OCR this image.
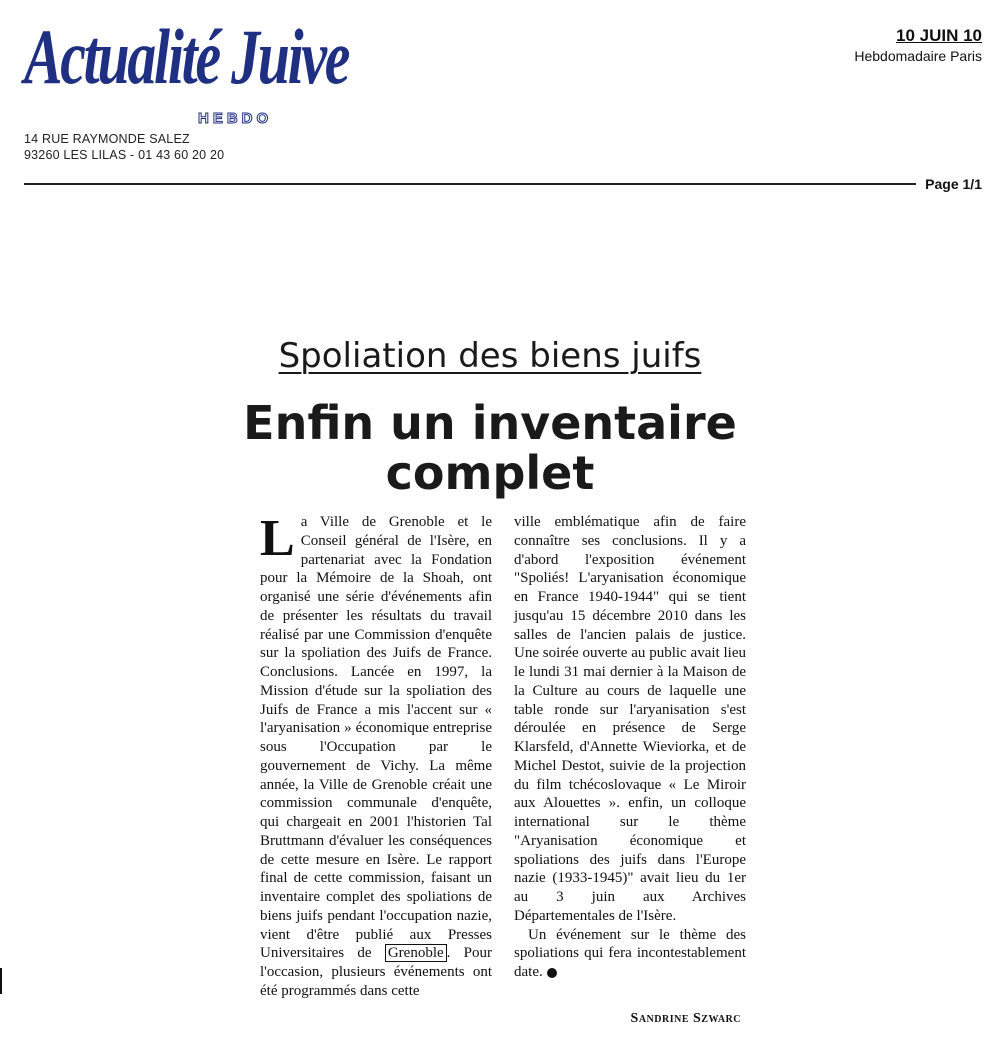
Actualité Juive
HEBDO
14 RUE RAYMONDE SALEZ
93260 LES LILAS - 01 43 60 20 20
10 JUIN 10
Hebdomadaire Paris
Page 1/1
Spoliation des biens juifs
Enfin un inventaire complet

La Ville de Grenoble et le Conseil général de l'Isère, en partenariat avec la Fondation pour la Mémoire de la Shoah, ont organisé une série d'événements afin de présenter les résultats du travail réalisé par une Commission d'enquête sur la spoliation des Juifs de France. Conclusions. Lancée en 1997, la Mission d'étude sur la spoliation des Juifs de France a mis l'accent sur « l'aryanisation » économique entreprise sous l'Occupation par le gouvernement de Vichy. La même année, la Ville de Grenoble créait une commission communale d'enquête, qui chargeait en 2001 l'historien Tal Bruttmann d'évaluer les conséquences de cette mesure en Isère. Le rapport final de cette commission, faisant un inventaire complet des spoliations de biens juifs pendant l'occupation nazie, vient d'être publié aux Presses Universitaires de Grenoble . Pour l'occasion, plusieurs événements ont été programmés dans cette

ville emblématique afin de faire connaître ses conclusions. Il y a d'abord l'exposition événement "Spoliés! L'aryanisation économique en France 1940-1944" qui se tient jusqu'au 15 décembre 2010 dans les salles de l'ancien palais de justice. Une soirée ouverte au public avait lieu le lundi 31 mai dernier à la Maison de la Culture au cours de laquelle une table ronde sur l'aryanisation s'est déroulée en présence de Serge Klarsfeld, d'Annette Wieviorka, et de Michel Destot, suivie de la projection du film tchécoslovaque « Le Miroir aux Alouettes ». enfin, un colloque international sur le thème "Aryanisation économique et spoliations des juifs dans l'Europe nazie (1933-1945)" avait lieu du 1er au 3 juin aux Archives Départementales de l'Isère.

Un événement sur le thème des spoliations qui fera incontestablement date.

Sandrine Szwarc
